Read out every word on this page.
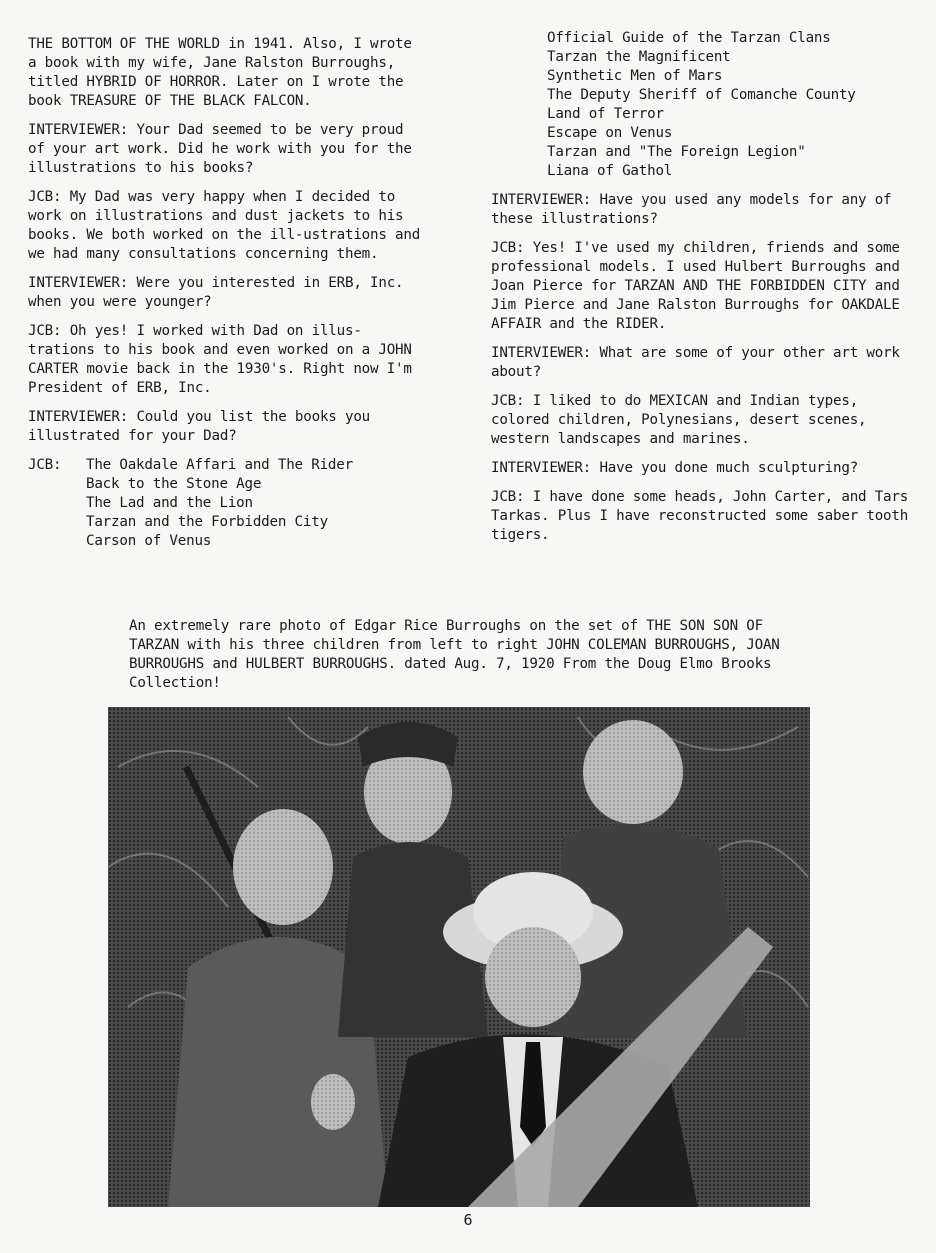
THE BOTTOM OF THE WORLD in 1941. Also, I wrote a book with my wife, Jane Ralston Burroughs, titled HYBRID OF HORROR. Later on I wrote the book TREASURE OF THE BLACK FALCON.

INTERVIEWER: Your Dad seemed to be very proud of your art work. Did he work with you for the illustrations to his books?

JCB: My Dad was very happy when I decided to work on illustrations and dust jackets to his books. We both worked on the ill-ustrations and we had many consultations concerning them.

INTERVIEWER: Were you interested in ERB, Inc. when you were younger?

JCB: Oh yes! I worked with Dad on illus-trations to his book and even worked on a JOHN CARTER movie back in the 1930's. Right now I'm President of ERB, Inc.

INTERVIEWER: Could you list the books you illustrated for your Dad?

JCB:	The Oakdale Affari and The Rider
Back to the Stone Age
The Lad and the Lion
Tarzan and the Forbidden City
Carson of Venus
Official Guide of the Tarzan Clans
Tarzan the Magnificent
Synthetic Men of Mars
The Deputy Sheriff of Comanche County
Land of Terror
Escape on Venus
Tarzan and "The Foreign Legion"
Liana of Gathol

INTERVIEWER: Have you used any models for any of these illustrations?

JCB: Yes! I've used my children, friends and some professional models. I used Hulbert Burroughs and Joan Pierce for TARZAN AND THE FORBIDDEN CITY and Jim Pierce and Jane Ralston Burroughs for OAKDALE AFFAIR and the RIDER.

INTERVIEWER: What are some of your other art work about?

JCB: I liked to do MEXICAN and Indian types, colored children, Polynesians, desert scenes, western landscapes and marines.

INTERVIEWER: Have you done much sculpturing?

JCB: I have done some heads, John Carter, and Tars Tarkas. Plus I have reconstructed some saber tooth tigers.

An extremely rare photo of Edgar Rice Burroughs on the set of THE SON SON OF TARZAN with his three children from left to right JOHN COLEMAN BURROUGHS, JOAN BURROUGHS and HULBERT BURROUGHS. dated Aug. 7, 1920 From the Doug Elmo Brooks Collection!
6
